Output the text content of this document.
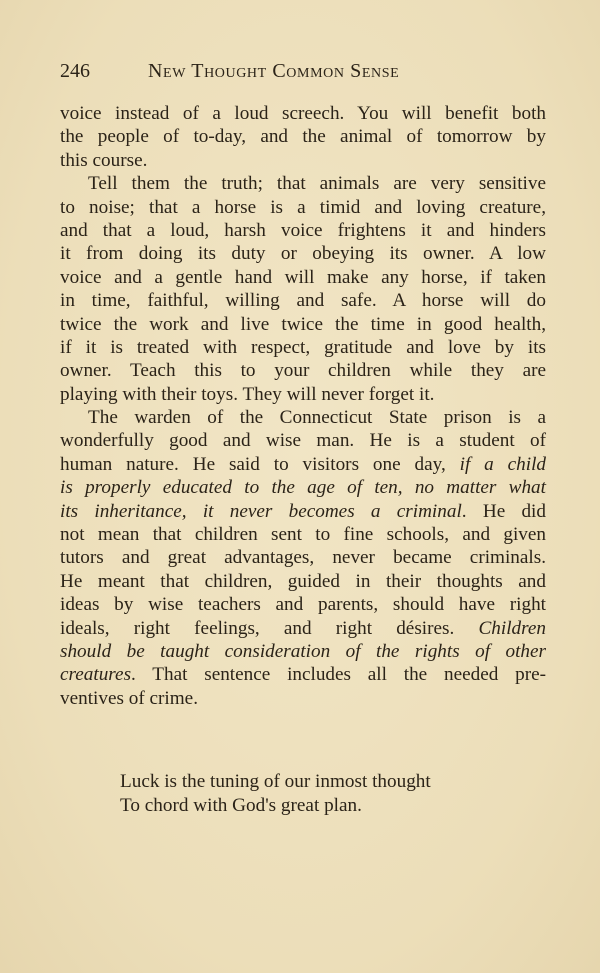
246	New Thought Common Sense
voice instead of a loud screech. You will benefit both
the people of to-day, and the animal of tomorrow by
this course.
Tell them the truth; that animals are very sensitive
to noise; that a horse is a timid and loving creature,
and that a loud, harsh voice frightens it and hinders
it from doing its duty or obeying its owner. A low
voice and a gentle hand will make any horse, if taken
in time, faithful, willing and safe. A horse will do
twice the work and live twice the time in good health,
if it is treated with respect, gratitude and love by its
owner. Teach this to your children while they are
playing with their toys. They will never forget it.
The warden of the Connecticut State prison is a
wonderfully good and wise man. He is a student of
human nature. He said to visitors one day, if a child
is properly educated to the age of ten, no matter what
its inheritance, it never becomes a criminal. He did
not mean that children sent to fine schools, and given
tutors and great advantages, never became criminals.
He meant that children, guided in their thoughts and
ideas by wise teachers and parents, should have right
ideals, right feelings, and right désires. Children
should be taught consideration of the rights of other
creatures. That sentence includes all the needed pre-
ventives of crime.
Luck is the tuning of our inmost thought
To chord with God's great plan.
